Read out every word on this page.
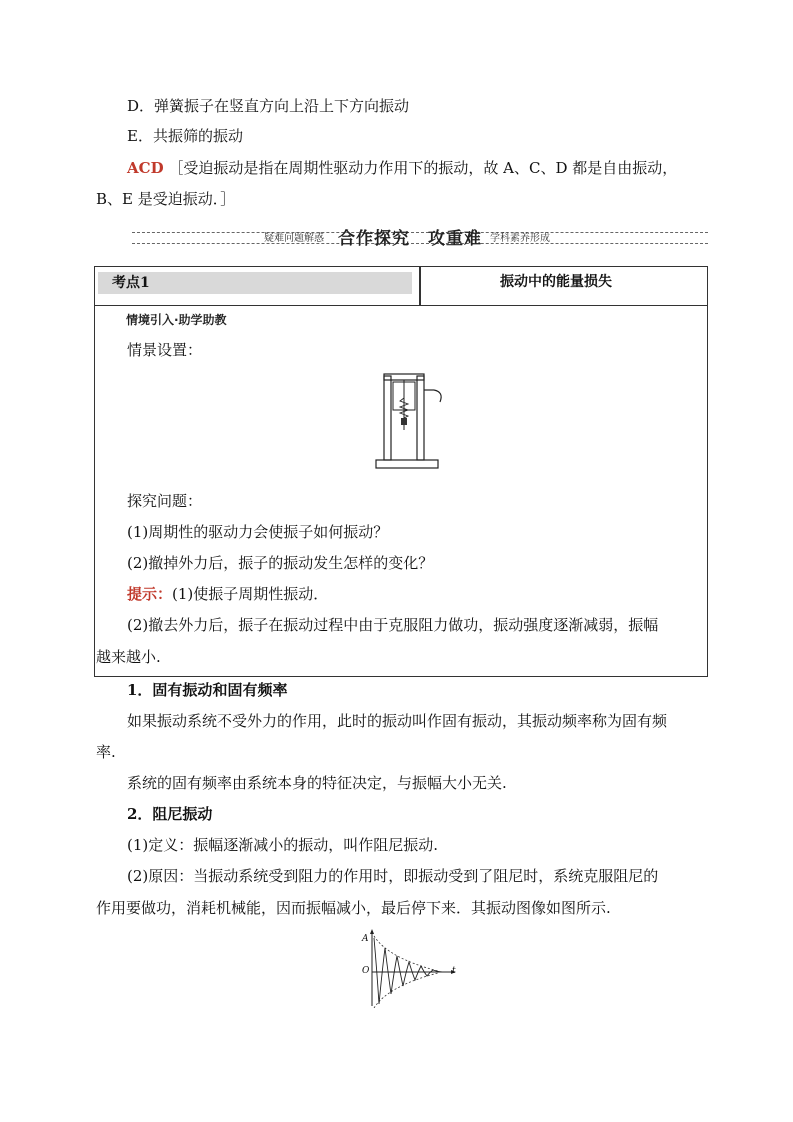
D．弹簧振子在竖直方向上沿上下方向振动
E．共振筛的振动
ACD ［受迫振动是指在周期性驱动力作用下的振动，故 A、C、D 都是自由振动，
B、E 是受迫振动．］
疑难问题解惑 合作探究 攻重难 学科素养形成
考点1	振动中的能量损失
情境引入·助学助教
情景设置：
探究问题：
(1)周期性的驱动力会使振子如何振动？
(2)撤掉外力后，振子的振动发生怎样的变化？
提示：(1)使振子周期性振动．
(2)撤去外力后，振子在振动过程中由于克服阻力做功，振动强度逐渐减弱，振幅
越来越小.
1．固有振动和固有频率
如果振动系统不受外力的作用，此时的振动叫作固有振动，其振动频率称为固有频
率.
系统的固有频率由系统本身的特征决定，与振幅大小无关.
2．阻尼振动
(1)定义：振幅逐渐减小的振动，叫作阻尼振动.
(2)原因：当振动系统受到阻力的作用时，即振动受到了阻尼时，系统克服阻尼的
作用要做功，消耗机械能，因而振幅减小，最后停下来．其振动图像如图所示.
A
O	t
